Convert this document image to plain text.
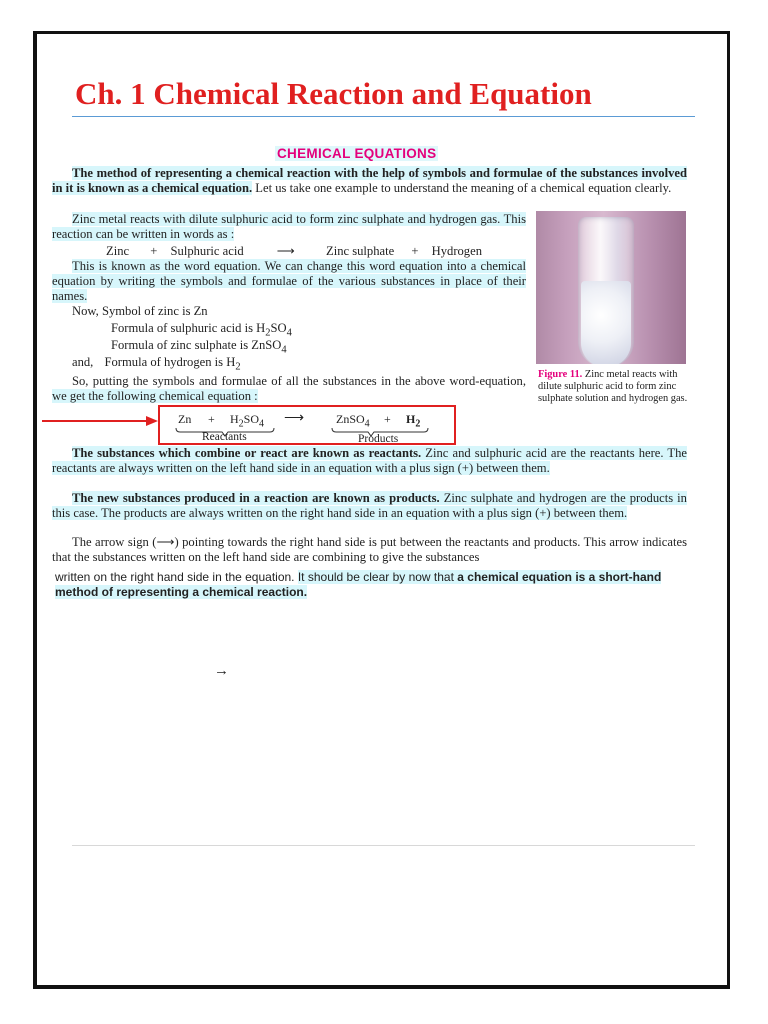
Ch. 1 Chemical Reaction and Equation
CHEMICAL EQUATIONS

The method of representing a chemical reaction with the help of symbols and formulae of the substances involved in it is known as a chemical equation. Let us take one example to understand the meaning of a chemical equation clearly.

Zinc metal reacts with dilute sulphuric acid to form zinc sulphate and hydrogen gas. This reaction can be written in words as :

Zinc + Sulphuric acid	⟶ Zinc sulphate + Hydrogen

This is known as the word equation. We can change this word equation into a chemical equation by writing the symbols and formulae of the various substances in place of their names.

Now, Symbol of zinc is Zn
Formula of sulphuric acid is $H_2SO_4$
Formula of zinc sulphate is ZnSO$_4$
and, Formula of hydrogen is $H_2$

So, putting the symbols and formulae of all the substances in the above word-equation, we get the following chemical equation :

Figure 11. Zinc metal reacts with dilute sulphuric acid to form zinc sulphate solution and hydrogen gas.

$Zn + H_2SO_4$ ⟶	ZnSO$_4$ + $H_2$
Reactants	Products

The substances which combine or react are known as reactants. Zinc and sulphuric acid are the reactants here. The reactants are always written on the left hand side in an equation with a plus sign (+) between them.

The new substances produced in a reaction are known as products. Zinc sulphate and hydrogen are the products in this case. The products are always written on the right hand side in an equation with a plus sign (+) between them.

The arrow sign (⟶) pointing towards the right hand side is put between the reactants and products. This arrow indicates that the substances written on the left hand side are combining to give the substances

written on the right hand side in the equation. It should be clear by now that a chemical equation is a short-hand method of representing a chemical reaction.

→
